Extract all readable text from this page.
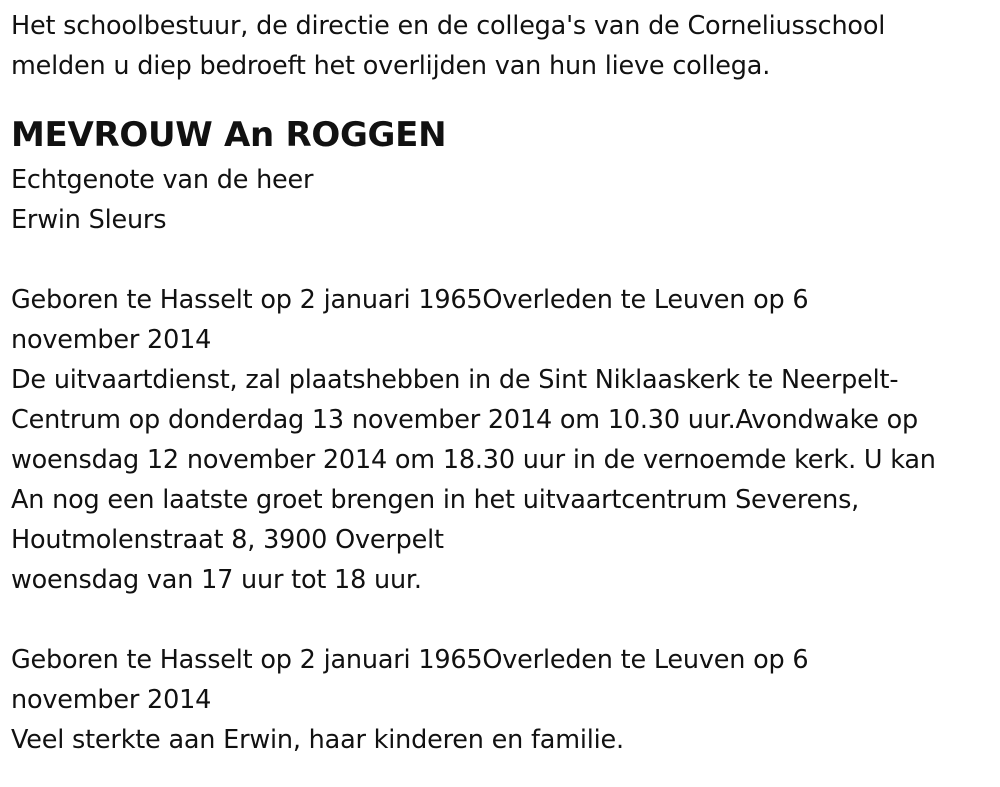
Het schoolbestuur, de directie en de collega's van de Corneliusschool
melden u diep bedroeft het overlijden van hun lieve collega.
MEVROUW An ROGGEN
Echtgenote van de heer
Erwin Sleurs
Geboren te Hasselt op 2 januari 1965Overleden te Leuven op 6
november 2014
De uitvaartdienst, zal plaatshebben in de Sint Niklaaskerk te Neerpelt-
Centrum op donderdag 13 november 2014 om 10.30 uur.Avondwake op
woensdag 12 november 2014 om 18.30 uur in de vernoemde kerk. U kan
An nog een laatste groet brengen in het uitvaartcentrum Severens,
Houtmolenstraat 8, 3900 Overpelt
woensdag van 17 uur tot 18 uur.
Geboren te Hasselt op 2 januari 1965Overleden te Leuven op 6
november 2014
Veel sterkte aan Erwin, haar kinderen en familie.
